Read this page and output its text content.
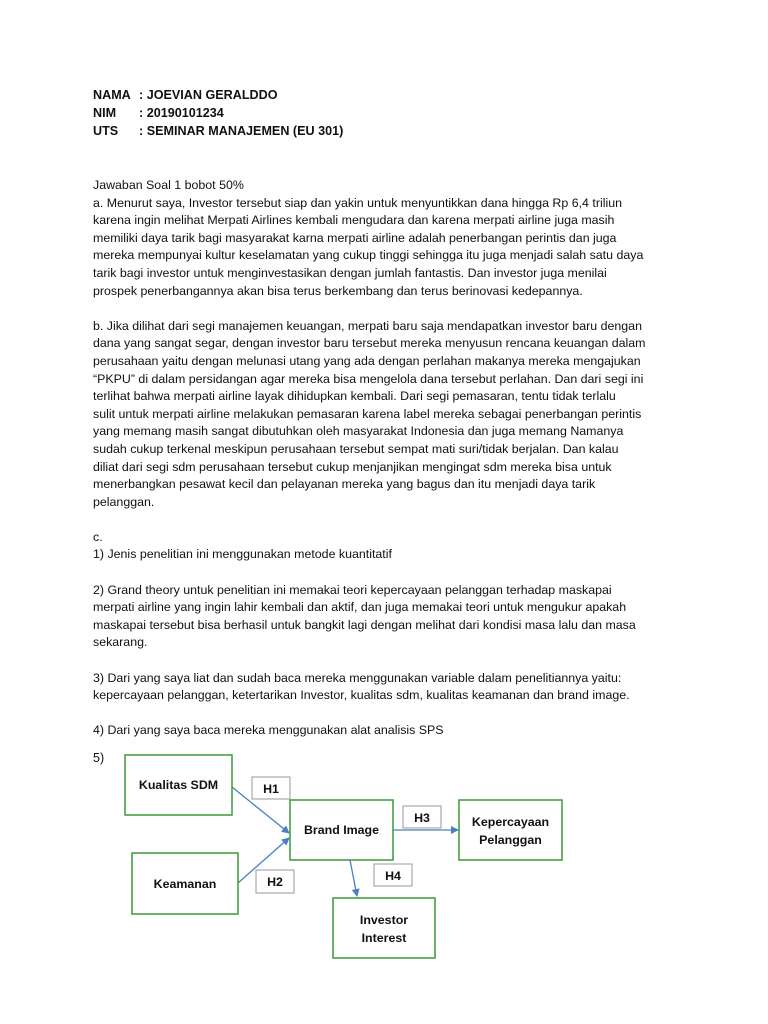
NAMA : JOEVIAN GERALDDO
NIM	: 20190101234
UTS	: SEMINAR MANAJEMEN (EU 301)

Jawaban Soal 1 bobot 50%
a. Menurut saya, Investor tersebut siap dan yakin untuk menyuntikkan dana hingga Rp 6,4 triliun
karena ingin melihat Merpati Airlines kembali mengudara dan karena merpati airline juga masih
memiliki daya tarik bagi masyarakat karna merpati airline adalah penerbangan perintis dan juga
mereka mempunyai kultur keselamatan yang cukup tinggi sehingga itu juga menjadi salah satu daya
tarik bagi investor untuk menginvestasikan dengan jumlah fantastis. Dan investor juga menilai
prospek penerbangannya akan bisa terus berkembang dan terus berinovasi kedepannya.

b. Jika dilihat dari segi manajemen keuangan, merpati baru saja mendapatkan investor baru dengan
dana yang sangat segar, dengan investor baru tersebut mereka menyusun rencana keuangan dalam
perusahaan yaitu dengan melunasi utang yang ada dengan perlahan makanya mereka mengajukan
“PKPU” di dalam persidangan agar mereka bisa mengelola dana tersebut perlahan. Dan dari segi ini
terlihat bahwa merpati airline layak dihidupkan kembali. Dari segi pemasaran, tentu tidak terlalu
sulit untuk merpati airline melakukan pemasaran karena label mereka sebagai penerbangan perintis
yang memang masih sangat dibutuhkan oleh masyarakat Indonesia dan juga memang Namanya
sudah cukup terkenal meskipun perusahaan tersebut sempat mati suri/tidak berjalan. Dan kalau
diliat dari segi sdm perusahaan tersebut cukup menjanjikan mengingat sdm mereka bisa untuk
menerbangkan pesawat kecil dan pelayanan mereka yang bagus dan itu menjadi daya tarik
pelanggan.

c.
1) Jenis penelitian ini menggunakan metode kuantitatif

2) Grand theory untuk penelitian ini memakai teori kepercayaan pelanggan terhadap maskapai
merpati airline yang ingin lahir kembali dan aktif, dan juga memakai teori untuk mengukur apakah
maskapai tersebut bisa berhasil untuk bangkit lagi dengan melihat dari kondisi masa lalu dan masa
sekarang.

3) Dari yang saya liat dan sudah baca mereka menggunakan variable dalam penelitiannya yaitu:
kepercayaan pelanggan, ketertarikan Investor, kualitas sdm, kualitas keamanan dan brand image.

4) Dari yang saya baca mereka menggunakan alat analisis SPS

5)
Kualitas SDM
Keamanan
Brand Image
Kepercayaan
Pelanggan
Investor
Interest
H1
H2
H3
H4
